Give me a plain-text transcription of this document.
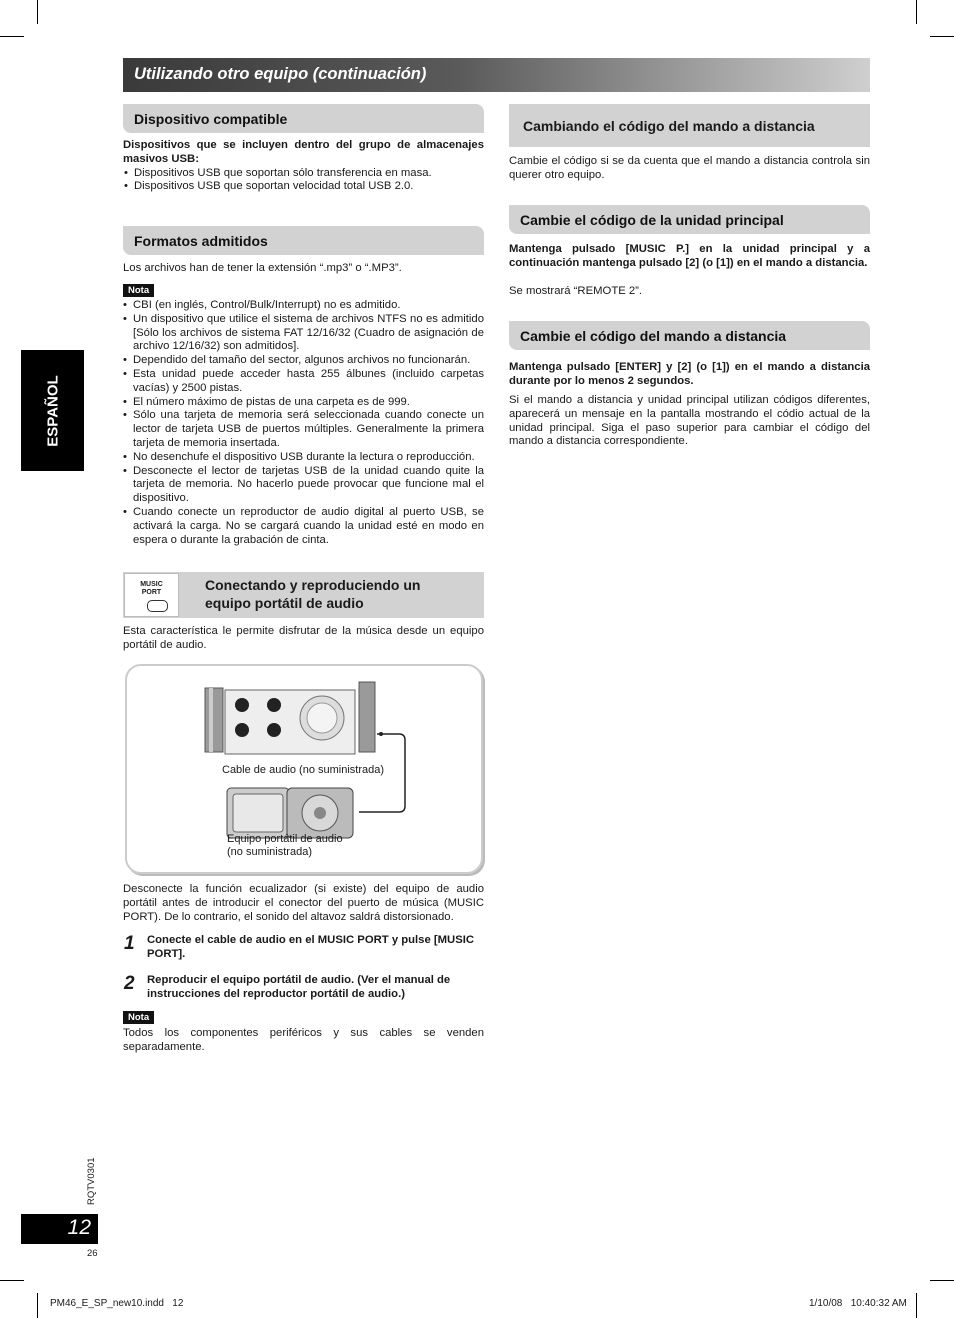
Utilizando otro equipo (continuación)
ESPAÑOL
Dispositivo compatible
Dispositivos que se incluyen dentro del grupo de almacenajes masivos USB:
• Dispositivos USB que soportan sólo transferencia en masa.
• Dispositivos USB que soportan velocidad total USB 2.0.
Formatos admitidos
Los archivos han de tener la extensión “.mp3” o “.MP3”.
Nota
• CBI (en inglés, Control/Bulk/Interrupt) no es admitido.
• Un dispositivo que utilice el sistema de archivos NTFS no es admitido [Sólo los archivos de sistema FAT 12/16/32 (Cuadro de asignación de archivo 12/16/32) son admitidos].
• Dependido del tamaño del sector, algunos archivos no funcionarán.
• Esta unidad puede acceder hasta 255 álbunes (incluido carpetas vacías) y 2500 pistas.
• El número máximo de pistas de una carpeta es de 999.
• Sólo una tarjeta de memoria será seleccionada cuando conecte un lector de tarjeta USB de puertos múltiples. Generalmente la primera tarjeta de memoria insertada.
• No desenchufe el dispositivo USB durante la lectura o reproducción.
• Desconecte el lector de tarjetas USB de la unidad cuando quite la tarjeta de memoria. No hacerlo puede provocar que funcione mal el dispositivo.
• Cuando conecte un reproductor de audio digital al puerto USB, se activará la carga. No se cargará cuando la unidad esté en modo en espera o durante la grabación de cinta.
MUSIC
PORT	Conectando y reproduciendo un
equipo portátil de audio
Esta característica le permite disfrutar de la música desde un equipo portátil de audio.
Cable de audio (no suministrada)
Equipo portátil de audio
(no suministrada)
Desconecte la función ecualizador (si existe) del equipo de audio portátil antes de introducir el conector del puerto de música (MUSIC PORT). De lo contrario, el sonido del altavoz saldrá distorsionado.
1 Conecte el cable de audio en el MUSIC PORT y pulse [MUSIC PORT].
2 Reproducir el equipo portátil de audio. (Ver el manual de instrucciones del reproductor portátil de audio.)
Nota
Todos los componentes periféricos y sus cables se venden separadamente.
Cambiando el código del mando a distancia
Cambie el código si se da cuenta que el mando a distancia controla sin querer otro equipo.
Cambie el código de la unidad principal
Mantenga pulsado [MUSIC P.] en la unidad principal y a continuación mantenga pulsado [2] (o [1]) en el mando a distancia.
Se mostrará “REMOTE 2”.
Cambie el código del mando a distancia
Mantenga pulsado [ENTER] y [2] (o [1]) en el mando a distancia durante por lo menos 2 segundos.
Si el mando a distancia y unidad principal utilizan códigos diferentes, aparecerá un mensaje en la pantalla mostrando el códio actual de la unidad principal. Siga el paso superior para cambiar el código del mando a distancia correspondiente.
RQTV0301
12
26
PM46_E_SP_new10.indd   12	1/10/08   10:40:32 AM
